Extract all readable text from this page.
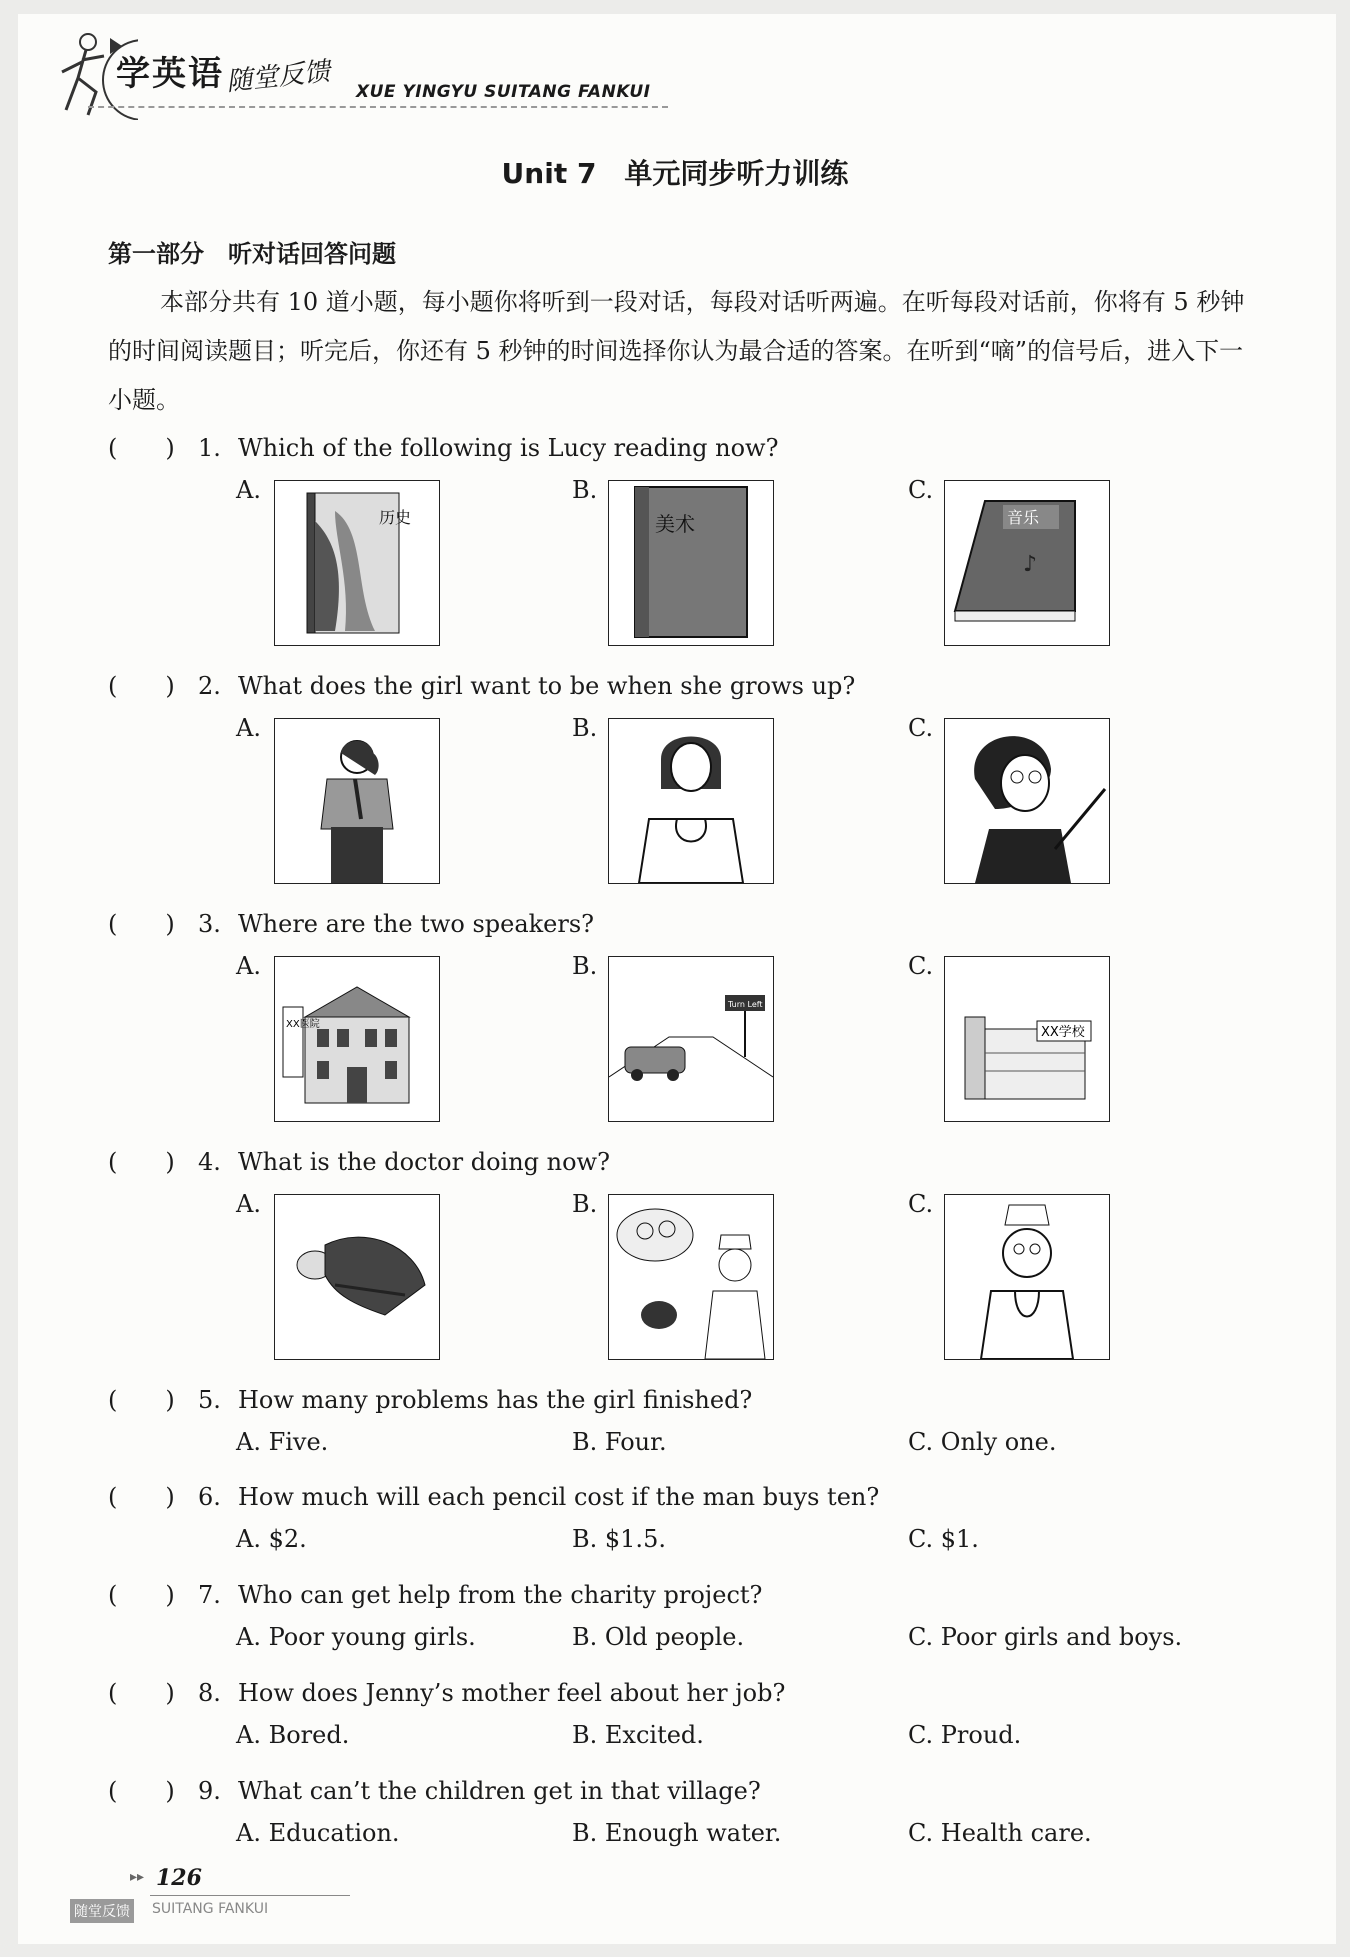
学英语 随堂反馈 XUE YINGYU SUITANG FANKUI
Unit 7　单元同步听力训练
第一部分　听对话回答问题
本部分共有 10 道小题，每小题你将听到一段对话，每段对话听两遍。在听每段对话前，你将有 5 秒钟的时间阅读题目；听完后，你还有 5 秒钟的时间选择你认为最合适的答案。在听到“嘀”的信号后，进入下一小题。
(　　) 1. Which of the following is Lucy reading now?
A.	B.	C.
历史	美术	音乐
♪
(　　) 2. What does the girl want to be when she grows up?
A.	B.	C.
(　　) 3. Where are the two speakers?
A.	B.	C.
XX医院
Turn Left
XX学校
(　　) 4. What is the doctor doing now?
A.	B.	C.
(　　) 5. How many problems has the girl finished?
A. Five.	B. Four.	C. Only one.
(　　) 6. How much will each pencil cost if the man buys ten?
A. $2.	B. $1.5.	C. $1.
(　　) 7. Who can get help from the charity project?
A. Poor young girls.	B. Old people.	C. Poor girls and boys.
(　　) 8. How does Jenny’s mother feel about her job?
A. Bored.	B. Excited.	C. Proud.
(　　) 9. What can’t the children get in that village?
A. Education.	B. Enough water.	C. Health care.
▸▸ 126
随堂反馈 SUITANG FANKUI
